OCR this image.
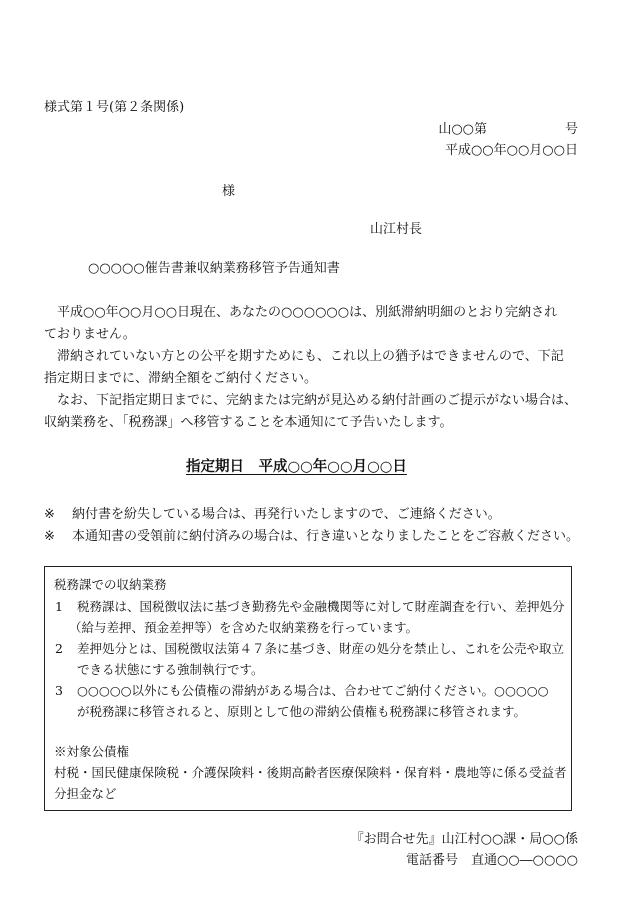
様式第１号(第２条関係)
山○○第　　　　　　号
平成○○年○○月○○日
様
山江村長
○○○○○催告書兼収納業務移管予告通知書
平成○○年○○月○○日現在、あなたの○○○○○○は、別紙滞納明細のとおり完納され
ておりません。
滞納されていない方との公平を期すためにも、これ以上の猶予はできませんので、下記
指定期日までに、滞納全額をご納付ください。
なお、下記指定期日までに、完納または完納が見込める納付計画のご提示がない場合は、
収納業務を、「税務課」へ移管することを本通知にて予告いたします。
指定期日　平成○○年○○月○○日
※ 納付書を紛失している場合は、再発行いたしますので、ご連絡ください。
※ 本通知書の受領前に納付済みの場合は、行き違いとなりましたことをご容赦ください。
税務課での収納業務
1 税務課は、国税徴収法に基づき勤務先や金融機関等に対して財産調査を行い、差押処分
（給与差押、預金差押等）を含めた収納業務を行っています。
2 差押処分とは、国税徴収法第４７条に基づき、財産の処分を禁止し、これを公売や取立
できる状態にする強制執行です。
3 ○○○○○以外にも公債権の滞納がある場合は、合わせてご納付ください。○○○○○
が税務課に移管されると、原則として他の滞納公債権も税務課に移管されます。
※対象公債権
村税・国民健康保険税・介護保険料・後期高齢者医療保険料・保育料・農地等に係る受益者
分担金など
『お問合せ先』山江村○○課・局○○係
電話番号　直通○○―○○○○
